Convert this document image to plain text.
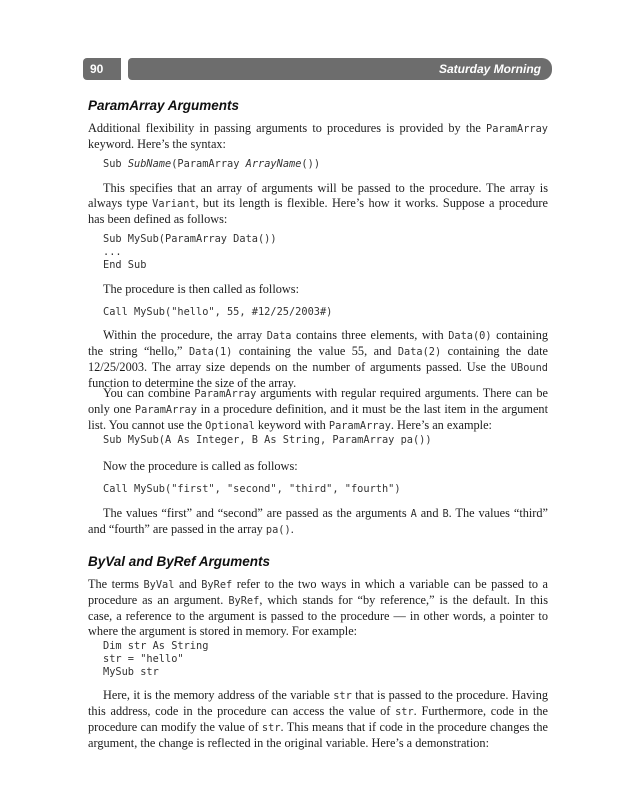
90	Saturday Morning
ParamArray Arguments

Additional flexibility in passing arguments to procedures is provided by the ParamArray keyword. Here’s the syntax:

Sub SubName(ParamArray ArrayName())

This specifies that an array of arguments will be passed to the procedure. The array is always type Variant, but its length is flexible. Here’s how it works. Suppose a procedure has been defined as follows:

Sub MySub(ParamArray Data())
...
End Sub

The procedure is then called as follows:

Call MySub("hello", 55, #12/25/2003#)

Within the procedure, the array Data contains three elements, with Data(0) containing the string “hello,” Data(1) containing the value 55, and Data(2) containing the date 12/25/2003. The array size depends on the number of arguments passed. Use the UBound function to determine the size of the array.

You can combine ParamArray arguments with regular required arguments. There can be only one ParamArray in a procedure definition, and it must be the last item in the argument list. You cannot use the Optional keyword with ParamArray. Here’s an example:

Sub MySub(A As Integer, B As String, ParamArray pa())

Now the procedure is called as follows:

Call MySub("first", "second", "third", "fourth")

The values “first” and “second” are passed as the arguments A and B. The values “third” and “fourth” are passed in the array pa().

ByVal and ByRef Arguments

The terms ByVal and ByRef refer to the two ways in which a variable can be passed to a procedure as an argument. ByRef, which stands for “by reference,” is the default. In this case, a reference to the argument is passed to the procedure — in other words, a pointer to where the argument is stored in memory. For example:

Dim str As String
str = "hello"
MySub str

Here, it is the memory address of the variable str that is passed to the procedure. Having this address, code in the procedure can access the value of str. Furthermore, code in the procedure can modify the value of str. This means that if code in the procedure changes the argument, the change is reflected in the original variable. Here’s a demonstration:
